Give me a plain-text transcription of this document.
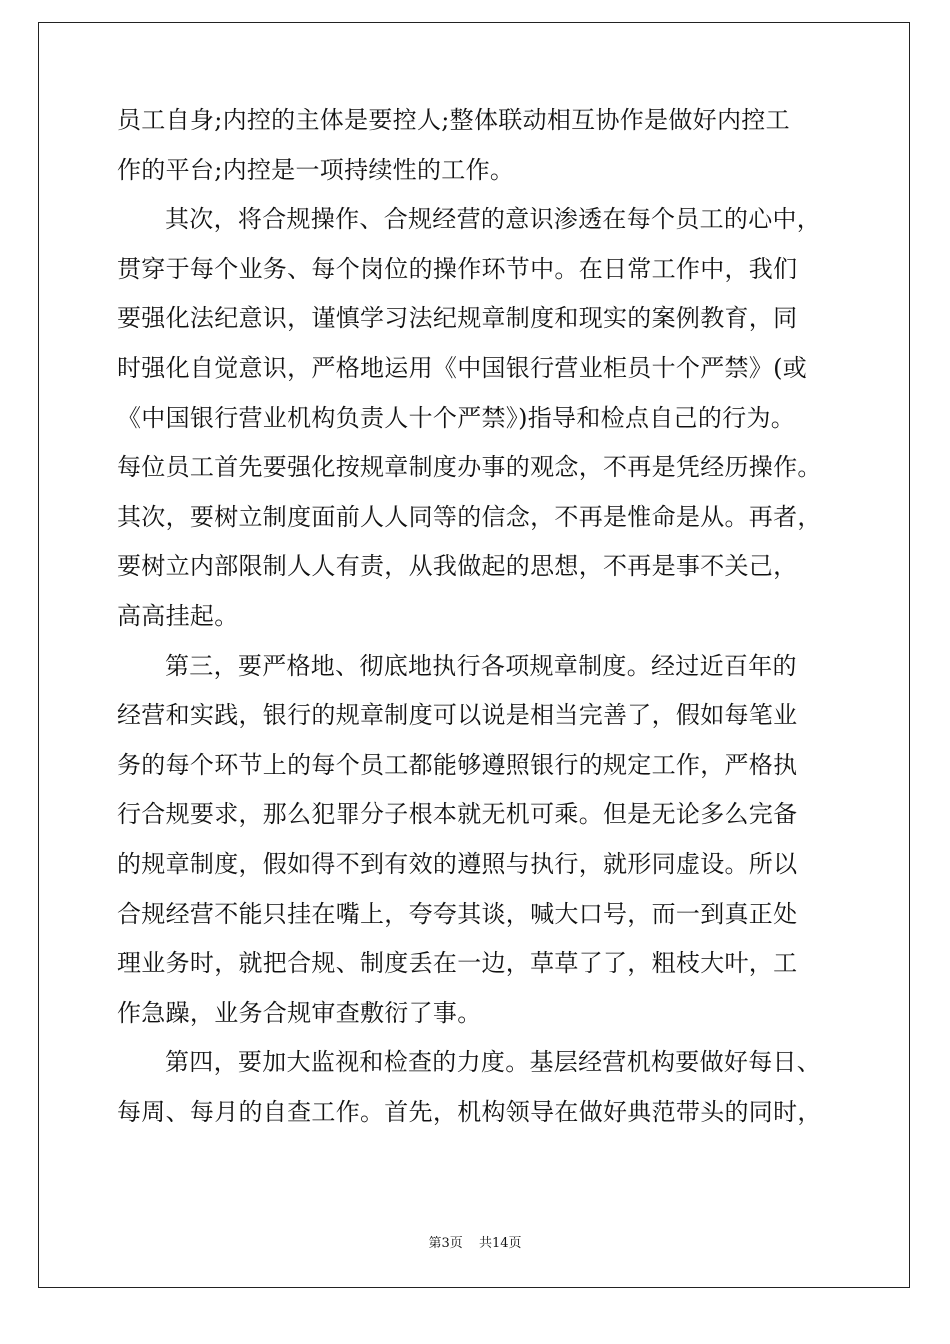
员工自身;内控的主体是要控人;整体联动相互协作是做好内控工
作的平台;内控是一项持续性的工作。
其次，将合规操作、合规经营的意识渗透在每个员工的心中，
贯穿于每个业务、每个岗位的操作环节中。在日常工作中，我们
要强化法纪意识，谨慎学习法纪规章制度和现实的案例教育，同
时强化自觉意识，严格地运用《中国银行营业柜员十个严禁》(或
《中国银行营业机构负责人十个严禁》)指导和检点自己的行为。
每位员工首先要强化按规章制度办事的观念，不再是凭经历操作。
其次，要树立制度面前人人同等的信念，不再是惟命是从。再者，
要树立内部限制人人有责，从我做起的思想，不再是事不关己，
高高挂起。
第三，要严格地、彻底地执行各项规章制度。经过近百年的
经营和实践，银行的规章制度可以说是相当完善了，假如每笔业
务的每个环节上的每个员工都能够遵照银行的规定工作，严格执
行合规要求，那么犯罪分子根本就无机可乘。但是无论多么完备
的规章制度，假如得不到有效的遵照与执行，就形同虚设。所以
合规经营不能只挂在嘴上，夸夸其谈，喊大口号，而一到真正处
理业务时，就把合规、制度丢在一边，草草了了，粗枝大叶，工
作急躁，业务合规审查敷衍了事。
第四，要加大监视和检查的力度。基层经营机构要做好每日、
每周、每月的自查工作。首先，机构领导在做好典范带头的同时，
第3页 共14页
